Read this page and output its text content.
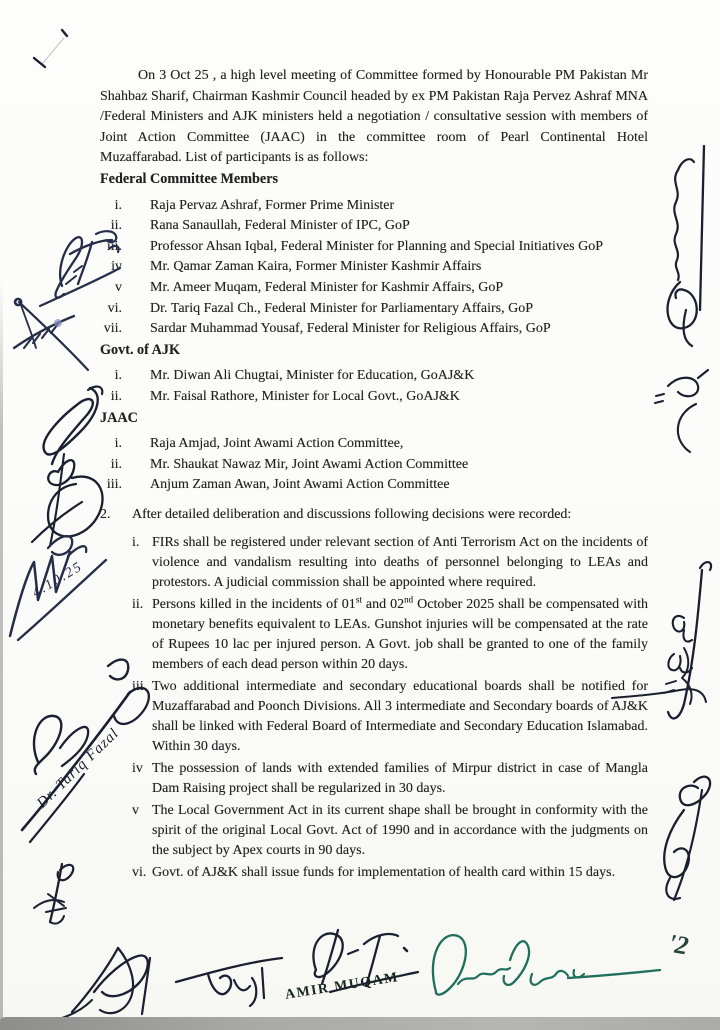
On 3 Oct 25 , a high level meeting of Committee formed by Honourable PM Pakistan Mr Shahbaz Sharif, Chairman Kashmir Council headed by ex PM Pakistan Raja Pervez Ashraf MNA /Federal Ministers and AJK ministers held a negotiation / consultative session with members of Joint Action Committee (JAAC) in the committee room of Pearl Continental Hotel Muzaffarabad. List of participants is as follows:

Federal Committee Members
i. Raja Pervaz Ashraf, Former Prime Minister
ii. Rana Sanaullah, Federal Minister of IPC, GoP
iii. Professor Ahsan Iqbal, Federal Minister for Planning and Special Initiatives GoP
iv Mr. Qamar Zaman Kaira, Former Minister Kashmir Affairs
v Mr. Ameer Muqam, Federal Minister for Kashmir Affairs, GoP
vi. Dr. Tariq Fazal Ch., Federal Minister for Parliamentary Affairs, GoP
vii. Sardar Muhammad Yousaf, Federal Minister for Religious Affairs, GoP
Govt. of AJK
i. Mr. Diwan Ali Chugtai, Minister for Education, GoAJ&K
ii. Mr. Faisal Rathore, Minister for Local Govt., GoAJ&K
JAAC
i. Raja Amjad, Joint Awami Action Committee,
ii. Mr. Shaukat Nawaz Mir, Joint Awami Action Committee
iii. Anjum Zaman Awan, Joint Awami Action Committee
2.	After detailed deliberation and discussions following decisions were recorded:
i. FIRs shall be registered under relevant section of Anti Terrorism Act on the incidents of violence and vandalism resulting into deaths of personnel belonging to LEAs and protestors. A judicial commission shall be appointed where required.
ii. Persons killed in the incidents of 01st and 02nd October 2025 shall be compensated with monetary benefits equivalent to LEAs. Gunshot injuries will be compensated at the rate of Rupees 10 lac per injured person. A Govt. job shall be granted to one of the family members of each dead person within 20 days.
iii. Two additional intermediate and secondary educational boards shall be notified for Muzaffarabad and Poonch Divisions. All 3 intermediate and Secondary boards of AJ&K shall be linked with Federal Board of Intermediate and Secondary Education Islamabad. Within 30 days.
iv The possession of lands with extended families of Mirpur district in case of Mangla Dam Raising project shall be regularized in 30 days.
v The Local Government Act in its current shape shall be brought in conformity with the spirit of the original Local Govt. Act of 1990 and in accordance with the judgments on the subject by Apex courts in 90 days.
vi. Govt. of AJ&K shall issue funds for implementation of health card within 15 days.
4.10.25
Dr. Tariq Fazal
AMIR MUQAM
'2
